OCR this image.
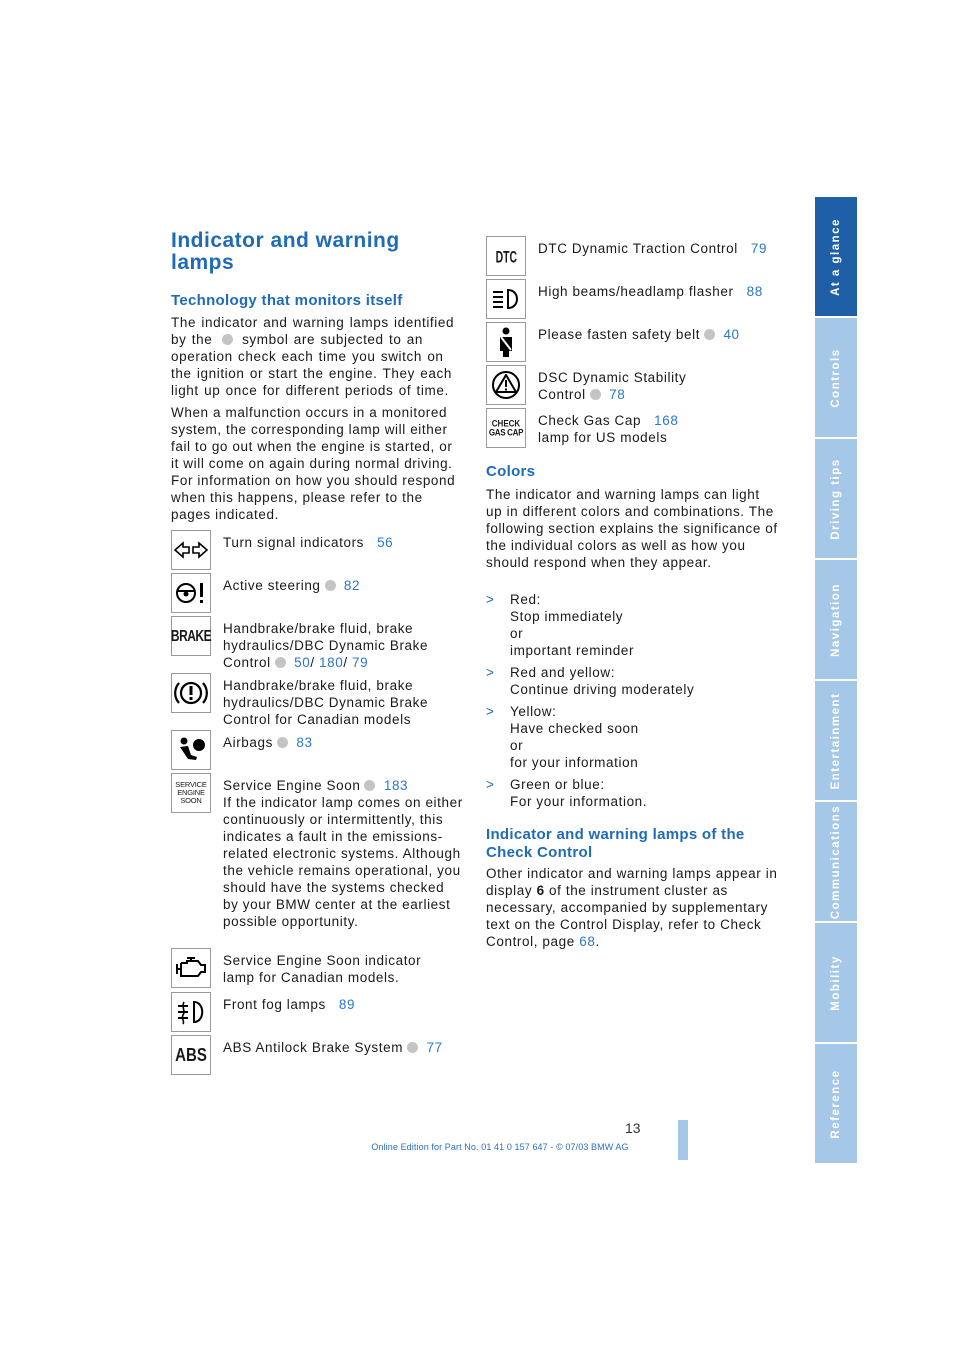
Indicator and warning lamps
Technology that monitors itself

The indicator and warning lamps identified by the  symbol are subjected to an operation check each time you switch on the ignition or start the engine. They each light up once for different periods of time.

When a malfunction occurs in a monitored system, the corresponding lamp will either fail to go out when the engine is started, or it will come on again during normal driving. For information on how you should respond when this happens, please refer to the pages indicated.

Turn signal indicators 56
Active steering 82
BRAKE Handbrake/brake fluid, brake hydraulics/DBC Dynamic Brake Control 50/ 180/ 79
Handbrake/brake fluid, brake hydraulics/DBC Dynamic Brake Control for Canadian models
Airbags 83
SERVICE
ENGINE
SOON
Service Engine Soon 183
If the indicator lamp comes on either continuously or intermittently, this indicates a fault in the emissions-related electronic systems. Although the vehicle remains operational, you should have the systems checked by your BMW center at the earliest possible opportunity.
Service Engine Soon indicator lamp for Canadian models.
Front fog lamps 89
ABS ABS Antilock Brake System 77
DTC DTC Dynamic Traction Control 79
High beams/headlamp flasher 88
Please fasten safety belt 40
DSC Dynamic Stability Control 78
CHECK
GAS CAP
Check Gas Cap 168
lamp for US models
Colors

The indicator and warning lamps can light up in different colors and combinations. The following section explains the significance of the individual colors as well as how you should respond when they appear.

> Red:
Stop immediately
or
important reminder
> Red and yellow:
Continue driving moderately
> Yellow:
Have checked soon
or
for your information
> Green or blue:
For your information.
Indicator and warning lamps of the Check Control

Other indicator and warning lamps appear in display 6 of the instrument cluster as necessary, accompanied by supplementary text on the Control Display, refer to Check Control, page 68.

At a glance
Controls
Driving tips
Navigation
Entertainment
Communications
Mobility
Reference
13
Online Edition for Part No. 01 41 0 157 647 - © 07/03 BMW AG
